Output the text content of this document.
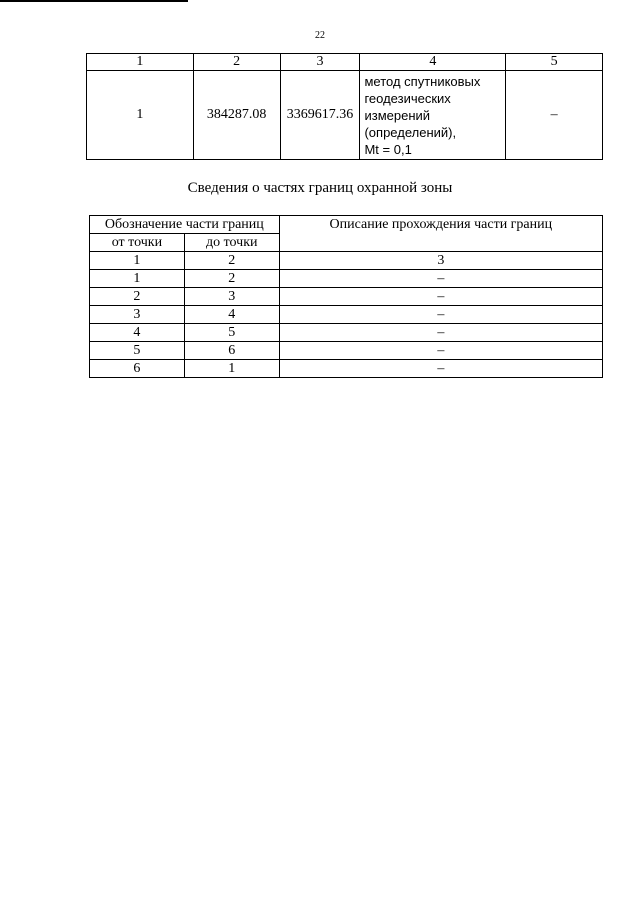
22
1	2	3	4	5
1	384287.08	3369617.36	метод спутниковых
геодезических
измерений
(определений),
Mt = 0,1	–
Сведения о частях границ охранной зоны
Обозначение части границ		Описание прохождения части границ
от точки	до точки	
1	2	3
1	2	–
2	3	–
3	4	–
4	5	–
5	6	–
6	1	–
